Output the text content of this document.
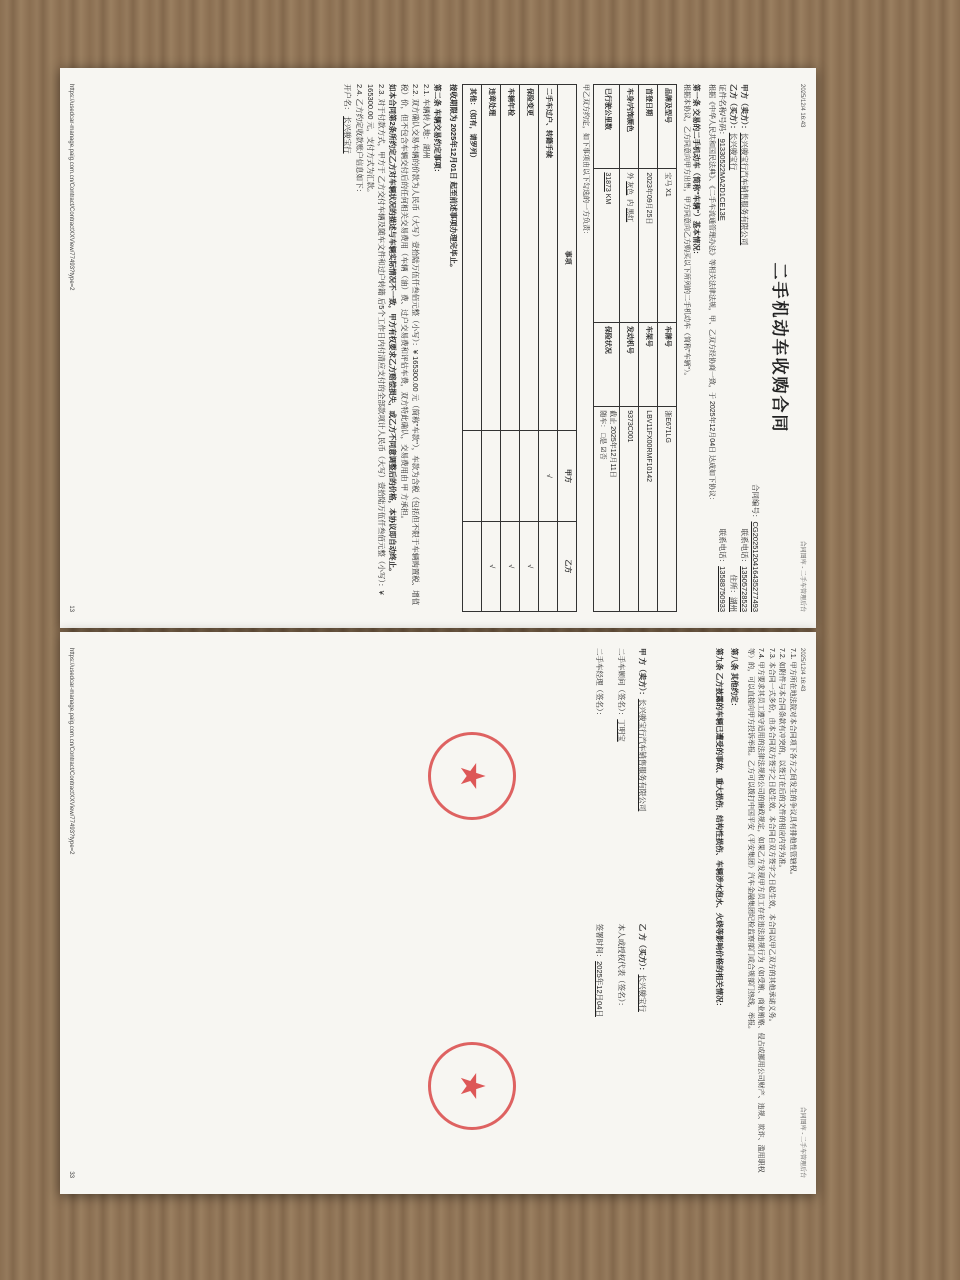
2025/12/4 16:43
合同图库 - 二手车管理后台
二手机动车收购合同
合同编号：CG20251204164352774​93
甲方（卖方）：长兴骏宝行汽车销售服务有限公司
联系电话：13505728523
乙方（买方）：长兴骏宝行
住所：湖州
证件名称/号码：91330522MA2D1CE13E
联系电话：13588750933
根据《中华人民共和国民法典》、《二手车流通管理办法》等相关法律法规，甲、乙双方经协商一致，于 2025年12月04日 达成如下协议：
第一条 交易的二手机动车（简称"车辆"）基本情况：
根据本协议，乙方同意向甲方出售，甲方同意向乙方购买以下所列的二手机动车（简称"车辆"）。
品牌及型号	宝马 X1	车牌号	浙E671LG
首登日期	2023年09月25日	车架号	LBV11FX00RMF10142
车身/内饰颜色	外 灰色  内 黑红	发动机号	9373C001
已行驶公里数	31873 KM	保险状况	截止 2025年12月11日
随车： □是 ☑否
甲乙双方约定，如下事项由以下勾选的一方负责：
事项	甲方	乙方
二手车过户、转籍手续	√	
保险变更		√
车辆年检		√
违章处理		√
其他：（如有，请罗列）		
接收期限为 2025年12月01日 起至前述事项办理完毕止。
第二条 车辆交易约定事项：
2.1. 车辆转入地：湖州
2.2. 双方确认交易车辆的价款为人民币（大写）壹拾陆万伍仟叁佰元整（小写）：¥ 165300.00 元（简称"车款"），车款为含税（包括但不限于车辆购置税、增值税）价，但不包含车辆交付后的任何相关交易费用（车辆（油）费、过户交易费和评估车费，双方特此确认，交易费用由 甲 方承担。
如本合同第2条所约定乙方对车辆状况的描述与车辆实际情况不一致，甲方有权要求乙方赔偿损失，或乙方不同意调整后的价格，本协议即自动终止。
2.3. 对于付款方式，甲方于 乙方交付车辆及随车文件和过户转籍 后5个工作日内付清应支付的全部款项计人民币（大写）壹拾陆万伍仟叁佰元整（小写）：¥ 165300.00 元，支付方式为汇款。
2.4. 乙方约定收款账户信息如下：
开户名： 长兴骏宝行
https://usedcar-manage.paig.com.cn/Contract/ContractXXView/77493?type=2
13
2025/12/4 16:43
合同图库 - 二手车管理后台
7.1. 甲方所在地法院对本合同项下各方之间发生的争议具有排他性管辖权。
7.2. 如附件与本合同条款有冲突的，以签订在后的文件的相应内容为准。
7.3. 本合同一式多份，由本合同双方签字之日起生效。本合同自双方签字之日起生效，本合同以甲乙双方的其他承诺义务。
7.4. 甲方要求其员工遵守适用的法律法规和公司的廉政规定，如果乙方发现甲方员工存在违法违规行为（如受贿、商业贿赂、侵占或挪用公司财产、违规、欺诈、滥用职权等）的，可以直接向甲方投诉举报。乙方可以拨打中国平安（平安集团）汽车金融集团纪检监察部门或合规部门热线，举报。
第八条 其他约定：
第九条 乙方披露的车辆已遭受的事故、重大损伤、结构性损伤、车辆涉水泡水、火烧等影响价格的相关情况：
甲 方（卖方）：长兴骏宝行汽车销售服务有限公司
二手车顾问（签名）：丁明宝
二手车经理（签名）：
乙 方（买方）：长兴骏宝行
本人或授权代表（签名）：
签署时间：2025年12月04日
★
★
https://usedcar-manage.paig.com.cn/Contract/ContractXXView/77493?type=2
33
